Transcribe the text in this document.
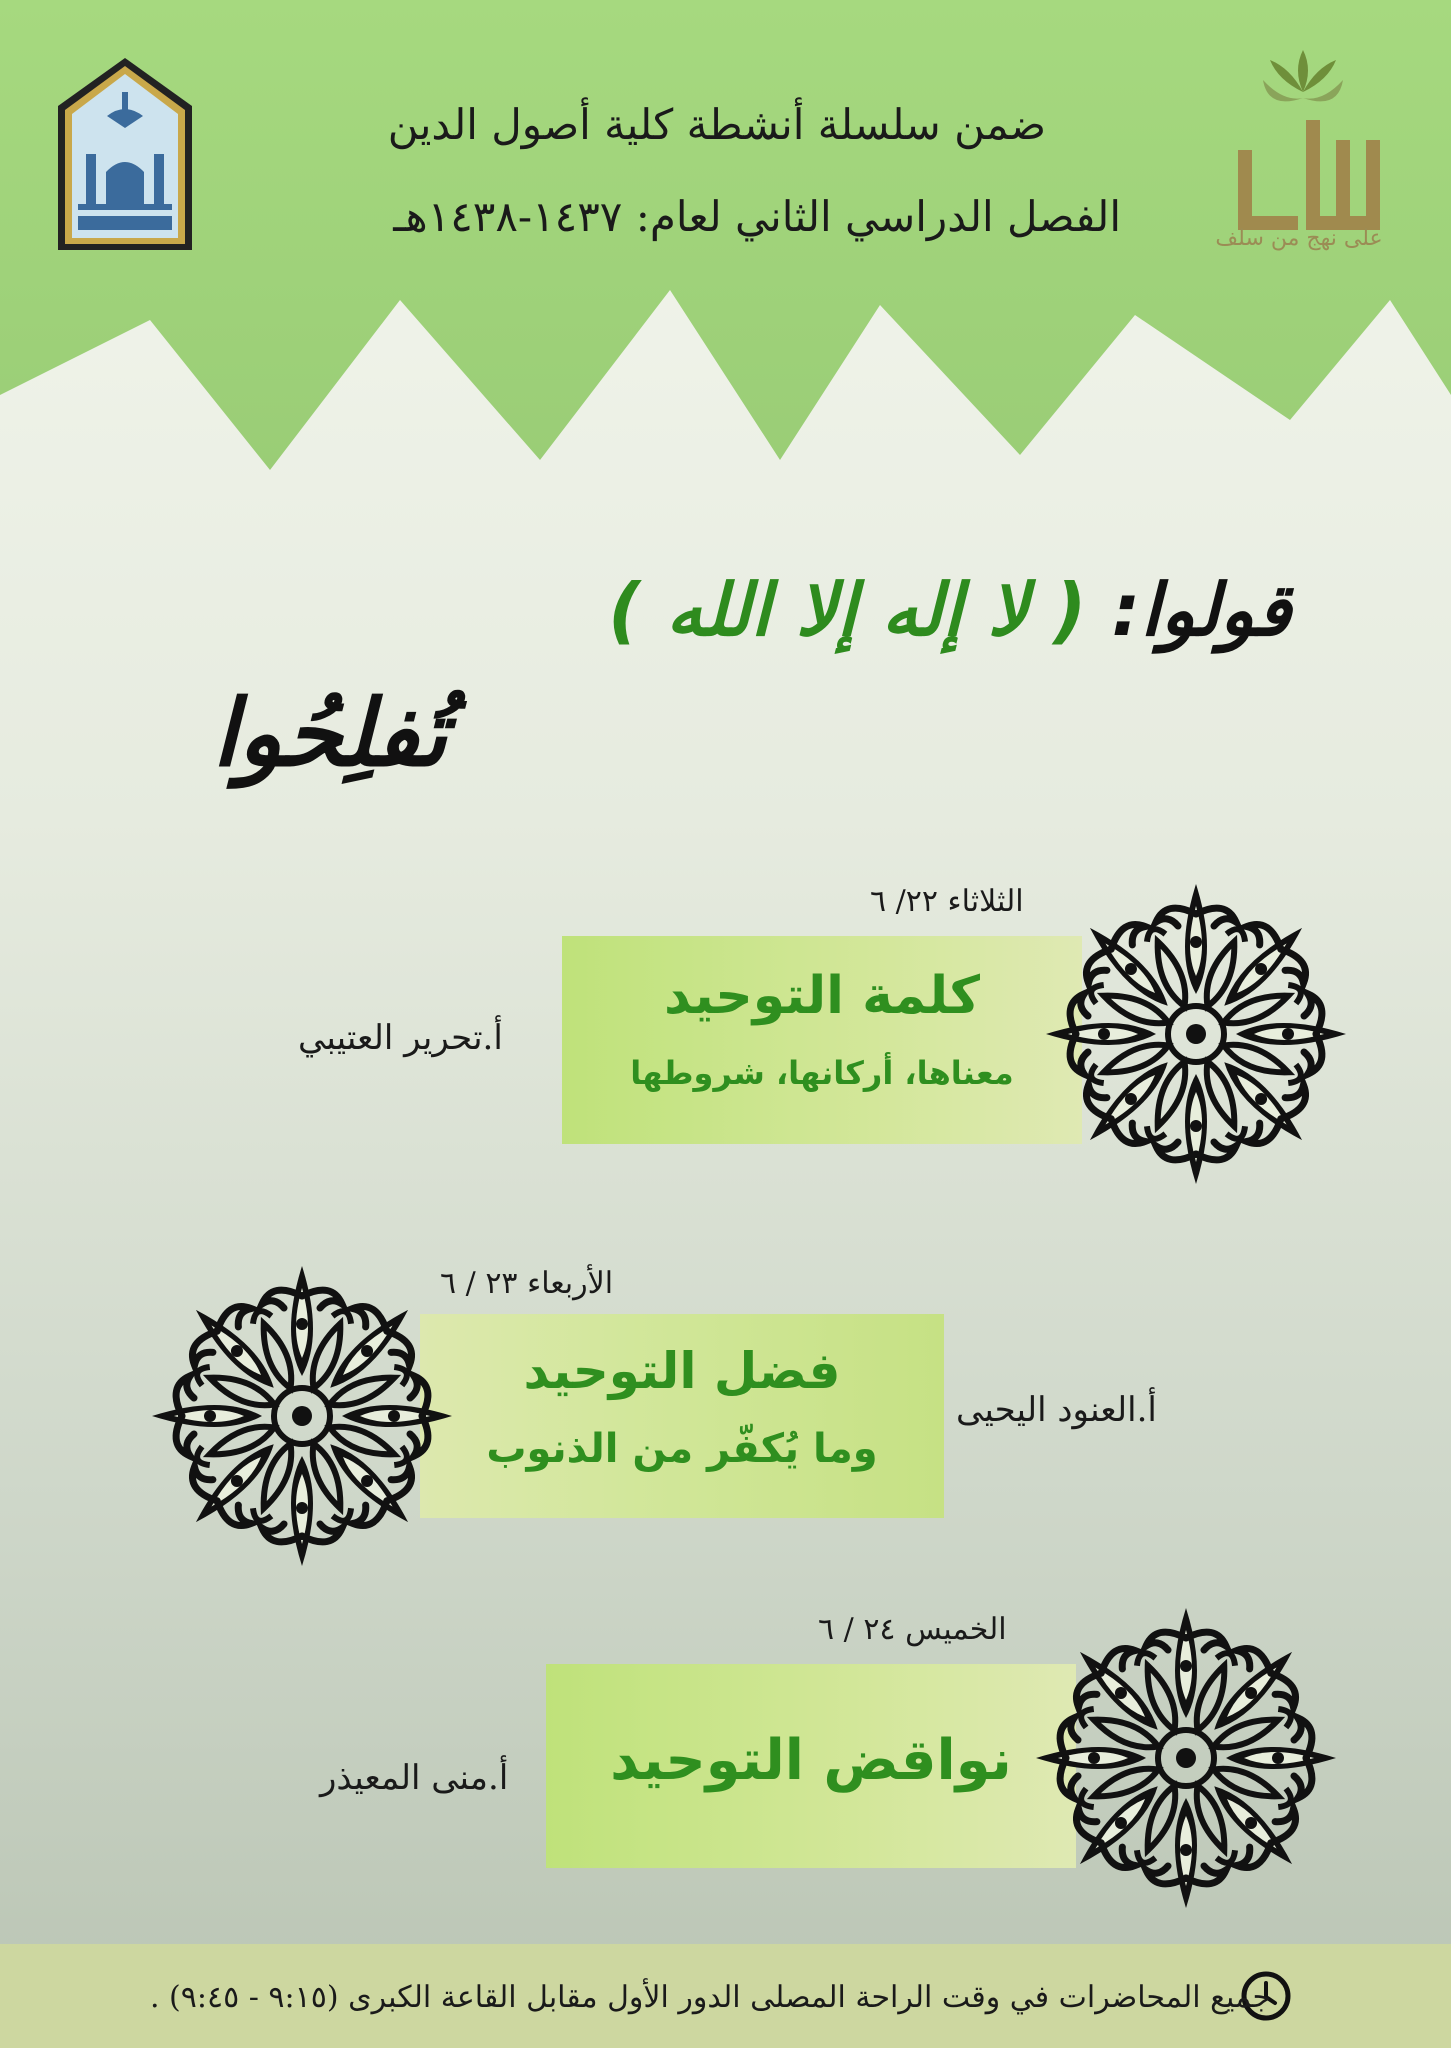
على نهج من سلف
ضمن سلسلة أنشطة كلية أصول الدين
الفصل الدراسي الثاني لعام: ١٤٣٧-١٤٣٨هـ
قولوا: ( لا إله إلا الله )
تُفلِحُوا
الثلاثاء ٢٢/ ٦
كلمة التوحيد
معناها، أركانها، شروطها
أ.تحرير العتيبي
الأربعاء ٢٣ / ٦
فضل التوحيد
وما يُكفّر من الذنوب
أ.العنود اليحيى
الخميس ٢٤ / ٦
نواقض التوحيد
أ.منى المعيذر
جميع المحاضرات في وقت الراحة المصلى الدور الأول مقابل القاعة الكبرى (٩:١٥ - ٩:٤٥) .
